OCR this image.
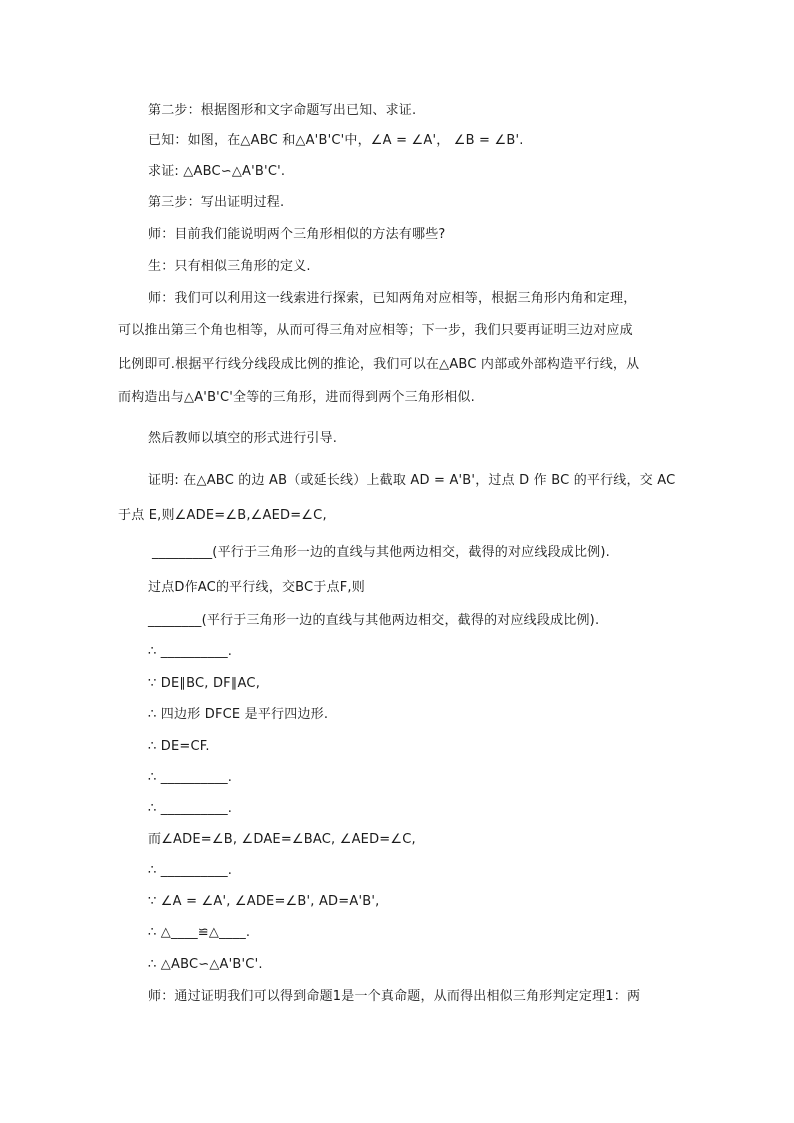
第二步：根据图形和文字命题写出已知、求证.
已知：如图，在△ABC 和△A'B'C'中，∠A = ∠A'， ∠B = ∠B'.
求证: △ABC∽△A'B'C'.
第三步：写出证明过程.
师：目前我们能说明两个三角形相似的方法有哪些?
生：只有相似三角形的定义.
师：我们可以利用这一线索进行探索，已知两角对应相等，根据三角形内角和定理，
可以推出第三个角也相等，从而可得三角对应相等；下一步，我们只要再证明三边对应成
比例即可.根据平行线分线段成比例的推论，我们可以在△ABC 内部或外部构造平行线，从
而构造出与△A'B'C'全等的三角形，进而得到两个三角形相似.
然后教师以填空的形式进行引导.
证明: 在△ABC 的边 AB（或延长线）上截取 AD = A'B'，过点 D 作 BC 的平行线，交 AC
于点 E,则∠ADE=∠B,∠AED=∠C,
_________(平行于三角形一边的直线与其他两边相交，截得的对应线段成比例).
过点D作AC的平行线，交BC于点F,则
________(平行于三角形一边的直线与其他两边相交，截得的对应线段成比例).
∴ __________.
∵ DE∥BC, DF∥AC,
∴ 四边形 DFCE 是平行四边形.
∴ DE=CF.
∴ __________.
∴ __________.
而∠ADE=∠B, ∠DAE=∠BAC, ∠AED=∠C,
∴ __________.
∵ ∠A = ∠A', ∠ADE=∠B', AD=A'B',
∴ △____≌△____.
∴ △ABC∽△A'B'C'.
师：通过证明我们可以得到命题1是一个真命题，从而得出相似三角形判定定理1：两
